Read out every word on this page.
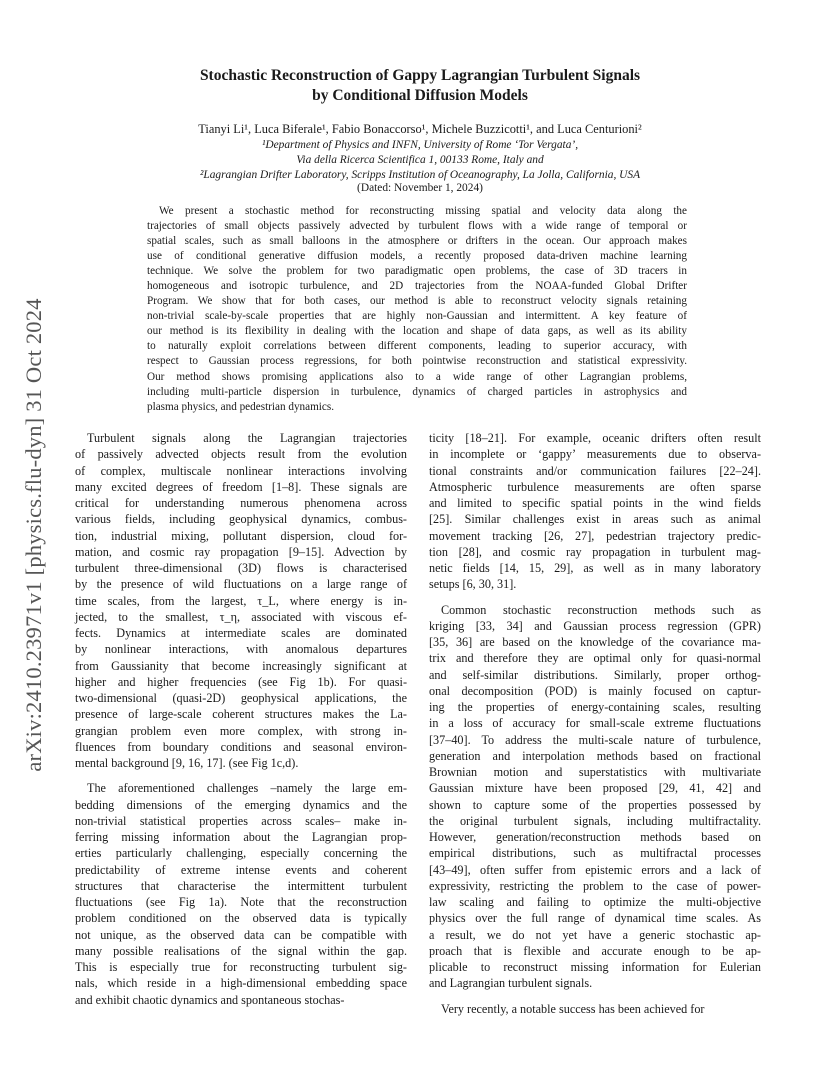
arXiv:2410.23971v1 [physics.flu-dyn] 31 Oct 2024
Stochastic Reconstruction of Gappy Lagrangian Turbulent Signals
by Conditional Diffusion Models
Tianyi Li¹, Luca Biferale¹, Fabio Bonaccorso¹, Michele Buzzicotti¹, and Luca Centurioni²
¹Department of Physics and INFN, University of Rome ‘Tor Vergata’,
Via della Ricerca Scientifica 1, 00133 Rome, Italy and
²Lagrangian Drifter Laboratory, Scripps Institution of Oceanography, La Jolla, California, USA
(Dated: November 1, 2024)
We present a stochastic method for reconstructing missing spatial and velocity data along the
trajectories of small objects passively advected by turbulent flows with a wide range of temporal or
spatial scales, such as small balloons in the atmosphere or drifters in the ocean. Our approach makes
use of conditional generative diffusion models, a recently proposed data-driven machine learning
technique. We solve the problem for two paradigmatic open problems, the case of 3D tracers in
homogeneous and isotropic turbulence, and 2D trajectories from the NOAA-funded Global Drifter
Program. We show that for both cases, our method is able to reconstruct velocity signals retaining
non-trivial scale-by-scale properties that are highly non-Gaussian and intermittent. A key feature of
our method is its flexibility in dealing with the location and shape of data gaps, as well as its ability
to naturally exploit correlations between different components, leading to superior accuracy, with
respect to Gaussian process regressions, for both pointwise reconstruction and statistical expressivity.
Our method shows promising applications also to a wide range of other Lagrangian problems,
including multi-particle dispersion in turbulence, dynamics of charged particles in astrophysics and
plasma physics, and pedestrian dynamics.
Turbulent signals along the Lagrangian trajectories
of passively advected objects result from the evolution
of complex, multiscale nonlinear interactions involving
many excited degrees of freedom [1–8]. These signals are
critical for understanding numerous phenomena across
various fields, including geophysical dynamics, combus-
tion, industrial mixing, pollutant dispersion, cloud for-
mation, and cosmic ray propagation [9–15]. Advection by
turbulent three-dimensional (3D) flows is characterised
by the presence of wild fluctuations on a large range of
time scales, from the largest, τ_L, where energy is in-
jected, to the smallest, τ_η, associated with viscous ef-
fects. Dynamics at intermediate scales are dominated
by nonlinear interactions, with anomalous departures
from Gaussianity that become increasingly significant at
higher and higher frequencies (see Fig 1b). For quasi-
two-dimensional (quasi-2D) geophysical applications, the
presence of large-scale coherent structures makes the La-
grangian problem even more complex, with strong in-
fluences from boundary conditions and seasonal environ-
mental background [9, 16, 17]. (see Fig 1c,d).
The aforementioned challenges –namely the large em-
bedding dimensions of the emerging dynamics and the
non-trivial statistical properties across scales– make in-
ferring missing information about the Lagrangian prop-
erties particularly challenging, especially concerning the
predictability of extreme intense events and coherent
structures that characterise the intermittent turbulent
fluctuations (see Fig 1a). Note that the reconstruction
problem conditioned on the observed data is typically
not unique, as the observed data can be compatible with
many possible realisations of the signal within the gap.
This is especially true for reconstructing turbulent sig-
nals, which reside in a high-dimensional embedding space
and exhibit chaotic dynamics and spontaneous stochas-
ticity [18–21]. For example, oceanic drifters often result
in incomplete or ‘gappy’ measurements due to observa-
tional constraints and/or communication failures [22–24].
Atmospheric turbulence measurements are often sparse
and limited to specific spatial points in the wind fields
[25]. Similar challenges exist in areas such as animal
movement tracking [26, 27], pedestrian trajectory predic-
tion [28], and cosmic ray propagation in turbulent mag-
netic fields [14, 15, 29], as well as in many laboratory
setups [6, 30, 31].
Common stochastic reconstruction methods such as
kriging [33, 34] and Gaussian process regression (GPR)
[35, 36] are based on the knowledge of the covariance ma-
trix and therefore they are optimal only for quasi-normal
and self-similar distributions. Similarly, proper orthog-
onal decomposition (POD) is mainly focused on captur-
ing the properties of energy-containing scales, resulting
in a loss of accuracy for small-scale extreme fluctuations
[37–40]. To address the multi-scale nature of turbulence,
generation and interpolation methods based on fractional
Brownian motion and superstatistics with multivariate
Gaussian mixture have been proposed [29, 41, 42] and
shown to capture some of the properties possessed by
the original turbulent signals, including multifractality.
However, generation/reconstruction methods based on
empirical distributions, such as multifractal processes
[43–49], often suffer from epistemic errors and a lack of
expressivity, restricting the problem to the case of power-
law scaling and failing to optimize the multi-objective
physics over the full range of dynamical time scales. As
a result, we do not yet have a generic stochastic ap-
proach that is flexible and accurate enough to be ap-
plicable to reconstruct missing information for Eulerian
and Lagrangian turbulent signals.
Very recently, a notable success has been achieved for
